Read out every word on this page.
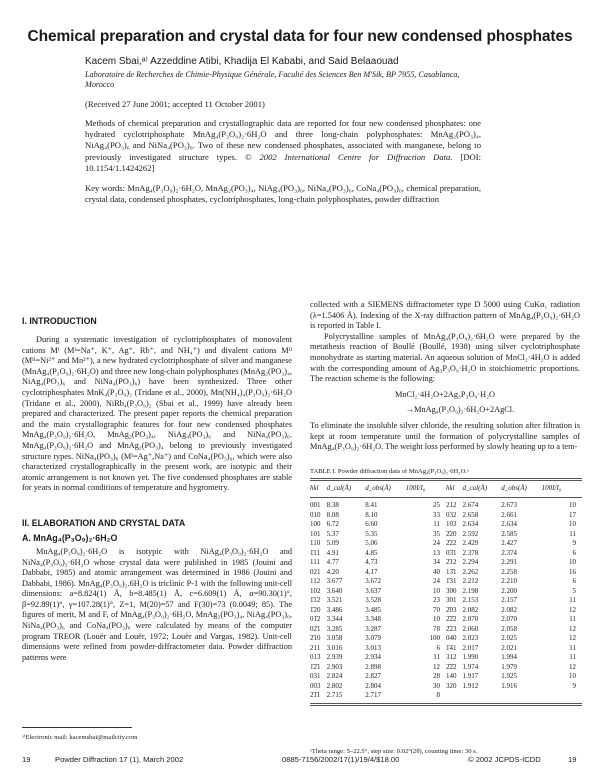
Chemical preparation and crystal data for four new condensed phosphates
Kacem Sbai,ᵃ⁾ Azzeddine Atibi, Khadija El Kababi, and Said Belaaouad
Laboratoire de Recherches de Chimie-Physique Générale, Faculté des Sciences Ben M'Sik, BP 7955, Casablanca, Morocco
(Received 27 June 2001; accepted 11 October 2001)
Methods of chemical preparation and crystallographic data are reported for four new condensed phosphates: one hydrated cyclotriphosphate MnAg₄(P₃O₉)₂·6H₂O and three long-chain polyphosphates: MnAg₂(PO₃)₄, NiAg₄(PO₃)₆ and NiNa₄(PO₃)₆. Two of these new condensed phosphates, associated with manganese, belong to previously investigated structure types. © 2002 International Centre for Diffraction Data. [DOI: 10.1154/1.1424262]
Key words: MnAg₄(P₃O₉)₂·6H₂O, MnAg₂(PO₃)₄, NiAg₄(PO₃)₆, NiNa₄(PO₃)₆, CoNa₄(PO₃)₆, chemical preparation, crystal data, condensed phosphates, cyclotriphosphates, long-chain polyphosphates, powder diffraction
I. INTRODUCTION

During a systematic investigation of cyclotriphosphates of monovalent cations Mᴵ (Mᴵ=Na⁺, K⁺, Ag⁺, Rb⁺, and NH₄⁺) and divalent cations Mᴵᴵ (Mᴵᴵ=Ni²⁺ and Mn²⁺), a new hydrated cyclotriphosphate of silver and manganese (MnAg₄(P₃O₉)₂·6H₂O) and three new long-chain polyphosphates (MnAg₂(PO₃)₄, NiAg₄(PO₃)₆ and NiNa₄(PO₃)₆) have been synthesized. Three other cyclotriphosphates MnK₄(P₃O₉)₂ (Tridane et al., 2000), Mn(NH₄)₄(P₃O₉)₂·6H₂O (Tridane et al., 2000), NiRb₄(P₃O₉)₂ (Sbai et al., 1999) have already been prepared and characterized. The present paper reports the chemical preparation and the main crystallographic features for four new condensed phosphates MnAg₄(P₃O₉)₂·6H₂O, MnAg₂(PO₃)₄, NiAg₄(PO₃)₆ and NiNa₄(PO₃)₆. MnAg₄(P₃O₉)₂·6H₂O and MnAg₂(PO₃)₄ belong to previously investigated structure types. NiNa₄(PO₃)₆ (Mᴵ=Ag⁺,Na⁺) and CoNa₄(PO₃)₆, which were also characterized crystallographically in the present work, are isotypic and their atomic arrangement is not known yet. The five condensed phosphates are stable for years in normal conditions of temperature and hygrometry.

II. ELABORATION AND CRYSTAL DATA
A. MnAg₄(P₃O₉)₂·6H₂O

MnAg₄(P₃O₉)₂·6H₂O is isotypic with NiAg₄(P₃O₉)₂·6H₂O and NiNa₄(P₃O₉)₂·6H₂O whose crystal data were published in 1985 (Jouini and Dabbabi, 1985) and atomic arrangement was determined in 1986 (Jouini and Dabbabi, 1986). MnAg₄(P₃O₉)₂.6H₂O is triclinic P-1 with the following unit-cell dimensions: a=8.824(1) Å, b=8.485(1) Å, c=6.609(1) Å, α=90.30(1)°, β=92.89(1)°, γ=107.28(1)°, Z=1, M(20)=57 and F(30)=73 (0.0049; 85). The figures of merit, M and F, of MnAg₄(P₃O₉)₂·6H₂O, MnAg₂(PO₃)₄, NiAg₄(PO₃)₆, NiNa₄(PO₃)₆ and CoNa₄(PO₃)₆ were calculated by means of the computer program TREOR (Louër and Louër, 1972; Louër and Vargas, 1982). Unit-cell dimensions were refined from powder-diffractometer data. Powder diffraction patterns were

ᵃ⁾Electronic mail: kacemsbai@mailcity.com

collected with a SIEMENS diffractometer type D 5000 using CuKα₁ radiation (λ=1.5406 Å). Indexing of the X-ray diffraction pattern of MnAg₄(P₃O₉)₂·6H₂O is reported in Table I.

Polycrystalline samples of MnAg₄(P₃O₉)₂·6H₂O were prepared by the metathesis reaction of Boullé (Boullé, 1938) using silver cyclotriphosphate monohydrate as starting material. An aqueous solution of MnCl₂·4H₂O is added with the corresponding amount of Ag₃P₃O₉·H₂O in stoichiometric proportions. The reaction scheme is the following:

MnCl₂·4H₂O+2Ag₃P₃O₉·H₂O
→MnAg₄(P₃O₉)₂·6H₂O+2AgCl.

To eliminate the insoluble silver chloride, the resulting solution after filtration is kept at room temperature until the formation of polycrystalline samples of MnAg₄(P₃O₉)₂·6H₂O. The weight loss performed by slowly heating up to a tem-

TABLE I. Powder diffraction data of MnAg₄(P₃O₉)₂·6H₂O.ᵃ
hkl	d_cal(Å)	d_obs(Å)	100I/I₀	hkl	d_cal(Å)	d_obs(Å)	100I/I₀
001	8.38	8.41	25	212	2.674	2.673	10
010	8.08	8.10	33	032	2.658	2.661	17
100	6.72	6.60	11	103	2.634	2.634	10
101	5.37	5.35	35	2̄20	2.592	2.585	11
110	5.09	5.06	24	2̄22	2.429	2.427	9
1̄11	4.91	4.85	13	03̄1	2.378	2.374	6
111	4.77	4.73	34	2̄12	2.294	2.291	10
021	4.20	4.17	40	13̄1	2.262	2.258	16
112	3.677	3.672	24	1̄31	2.212	2.210	6
102	3.640	3.637	10	300	2.198	2.200	5
1̄12	3.521	3.528	23	301	2.153	2.157	11
1̄20	3.486	3.485	70	2̄03	2.082	2.082	12
01̄2	3.344	3.348	10	2̄2̄2	2.070	2.070	11
02̄1	3.285	3.287	78	2̄23	2.060	2.058	12
2̄10	3.058	3.079	100	040	2.023	2.025	12
211	3.016	3.013	6	1̄41	2.017	2.021	11
013	2.939	2.934	11	312	1.990	1.994	11
1̄2̄1	2.903	2.898	12	2̄2̄2	1.974	1.979	12
031	2.824	2.827	28	140	1.917	1.925	10
003	2.802	2.804	30	320	1.912	1.916	9
2̄1̄1	2.715	2.717	8				
ᵃTheta range: 5–22.5°, step size: 0.02°(2θ), counting time: 30 s.
19	Powder Diffraction 17 (1), March 2002	0885-7156/2002/17(1)/19/4/$18.00	© 2002 JCPDS-ICDD	19
